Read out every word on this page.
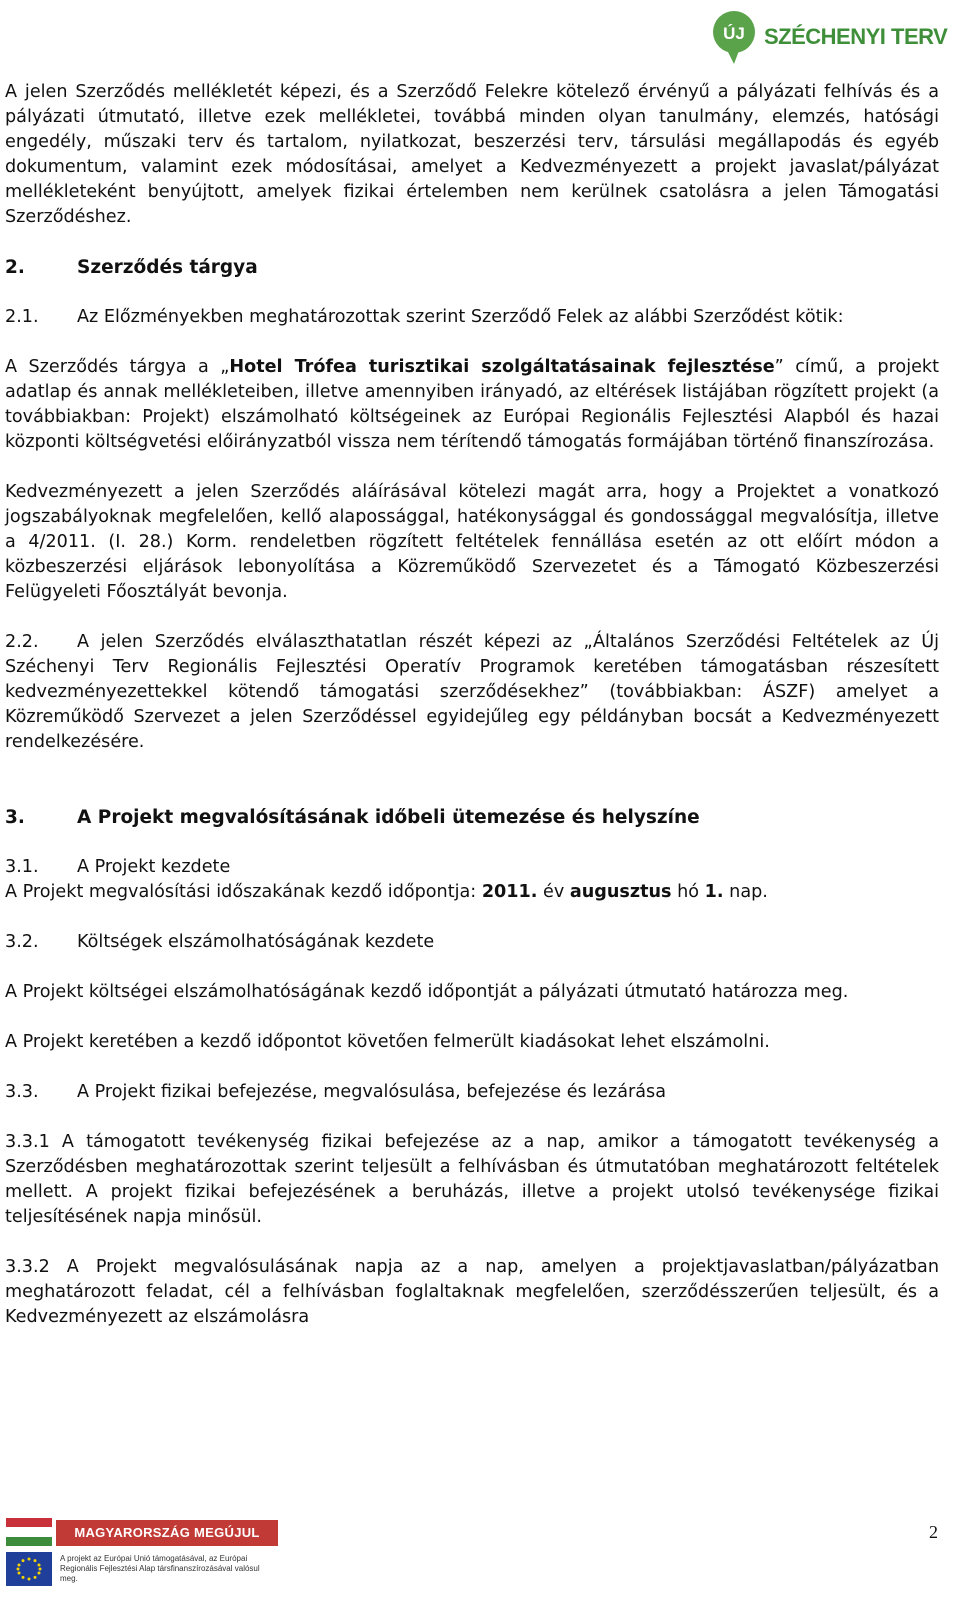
ÚJ SZÉCHENYI TERV

A jelen Szerződés mellékletét képezi, és a Szerződő Felekre kötelező érvényű a pályázati felhívás és a pályázati útmutató, illetve ezek mellékletei, továbbá minden olyan tanulmány, elemzés, hatósági engedély, műszaki terv és tartalom, nyilatkozat, beszerzési terv, társulási megállapodás és egyéb dokumentum, valamint ezek módosításai, amelyet a Kedvezményezett a projekt javaslat/pályázat mellékleteként benyújtott, amelyek fizikai értelemben nem kerülnek csatolásra a jelen Támogatási Szerződéshez.

2.	Szerződés tárgya

2.1. Az Előzményekben meghatározottak szerint Szerződő Felek az alábbi Szerződést kötik:

A Szerződés tárgya a „Hotel Trófea turisztikai szolgáltatásainak fejlesztése” című, a projekt adatlap és annak mellékleteiben, illetve amennyiben irányadó, az eltérések listájában rögzített projekt (a továbbiakban: Projekt) elszámolható költségeinek az Európai Regionális Fejlesztési Alapból és hazai központi költségvetési előirányzatból vissza nem térítendő támogatás formájában történő finanszírozása.

Kedvezményezett a jelen Szerződés aláírásával kötelezi magát arra, hogy a Projektet a vonatkozó jogszabályoknak megfelelően, kellő alapossággal, hatékonysággal és gondossággal megvalósítja, illetve a 4/2011. (I. 28.) Korm. rendeletben rögzített feltételek fennállása esetén az ott előírt módon a közbeszerzési eljárások lebonyolítása a Közreműködő Szervezetet és a Támogató Közbeszerzési Felügyeleti Főosztályát bevonja.

2.2. A jelen Szerződés elválaszthatatlan részét képezi az „Általános Szerződési Feltételek az Új Széchenyi Terv Regionális Fejlesztési Operatív Programok keretében támogatásban részesített kedvezményezettekkel kötendő támogatási szerződésekhez” (továbbiakban: ÁSZF) amelyet a Közreműködő Szervezet a jelen Szerződéssel egyidejűleg egy példányban bocsát a Kedvezményezett rendelkezésére.

3.	A Projekt megvalósításának időbeli ütemezése és helyszíne

3.1. A Projekt kezdete

A Projekt megvalósítási időszakának kezdő időpontja: 2011. év augusztus hó 1. nap.

3.2. Költségek elszámolhatóságának kezdete

A Projekt költségei elszámolhatóságának kezdő időpontját a pályázati útmutató határozza meg.

A Projekt keretében a kezdő időpontot követően felmerült kiadásokat lehet elszámolni.

3.3. A Projekt fizikai befejezése, megvalósulása, befejezése és lezárása

3.3.1 A támogatott tevékenység fizikai befejezése az a nap, amikor a támogatott tevékenység a Szerződésben meghatározottak szerint teljesült a felhívásban és útmutatóban meghatározott feltételek mellett. A projekt fizikai befejezésének a beruházás, illetve a projekt utolsó tevékenysége fizikai teljesítésének napja minősül.

3.3.2 A Projekt megvalósulásának napja az a nap, amelyen a projektjavaslatban/pályázatban meghatározott feladat, cél a felhívásban foglaltaknak megfelelően, szerződésszerűen teljesült, és a Kedvezményezett az elszámolásra

MAGYARORSZÁG MEGÚJUL
A projekt az Európai Unió támogatásával, az Európai
Regionális Fejlesztési Alap társfinanszírozásával valósul meg.
2
